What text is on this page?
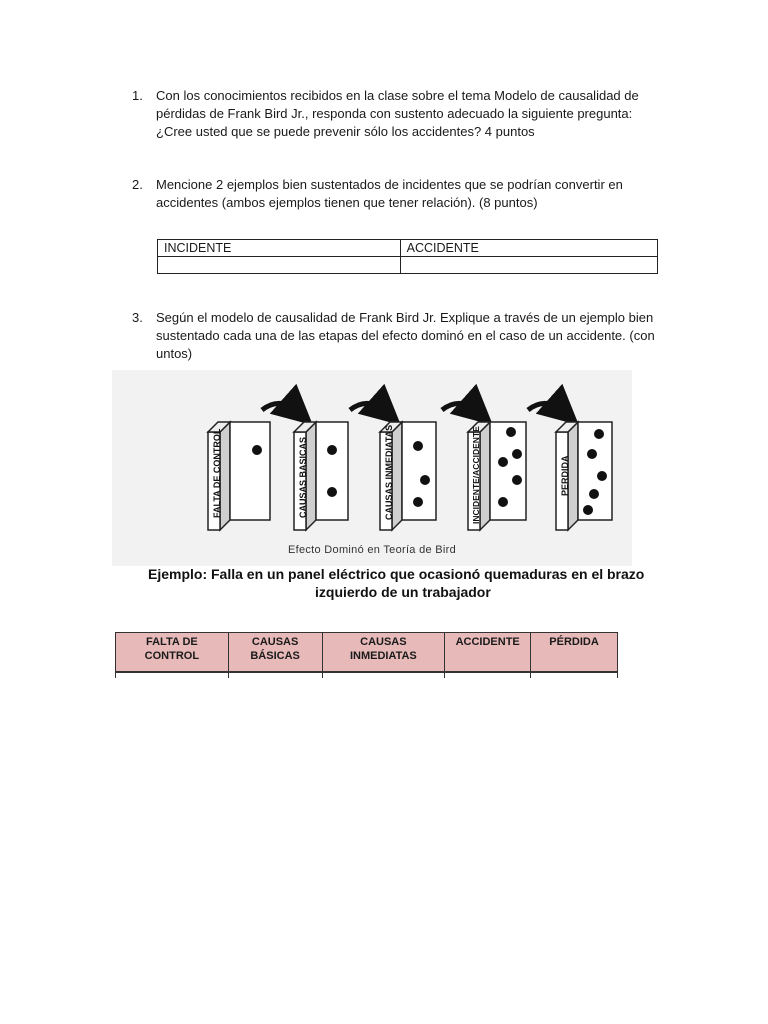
1. Con los conocimientos recibidos en la clase sobre el tema Modelo de causalidad de pérdidas de Frank Bird Jr., responda con sustento adecuado la siguiente pregunta: ¿Cree usted que se puede prevenir sólo los accidentes? 4 puntos
2. Mencione 2 ejemplos bien sustentados de incidentes que se podrían convertir en accidentes (ambos ejemplos tienen que tener relación). (8 puntos)
INCIDENTE	ACCIDENTE

3. Según el modelo de causalidad de Frank Bird Jr. Explique a través de un ejemplo bien sustentado cada una de las etapas del efecto dominó en el caso de un accidente. (con untos)
FALTA DE CONTROL	CAUSAS BASICAS	CAUSAS INMEDIATAS	INCIDENTE/ACCIDENTE	PERDIDA
Efecto Dominó en Teoría de Bird
Ejemplo: Falla en un panel eléctrico que ocasionó quemaduras en el brazo
izquierdo de un trabajador
FALTA DE CONTROL	CAUSAS BÁSICAS	CAUSAS INMEDIATAS	ACCIDENTE	PÉRDIDA
